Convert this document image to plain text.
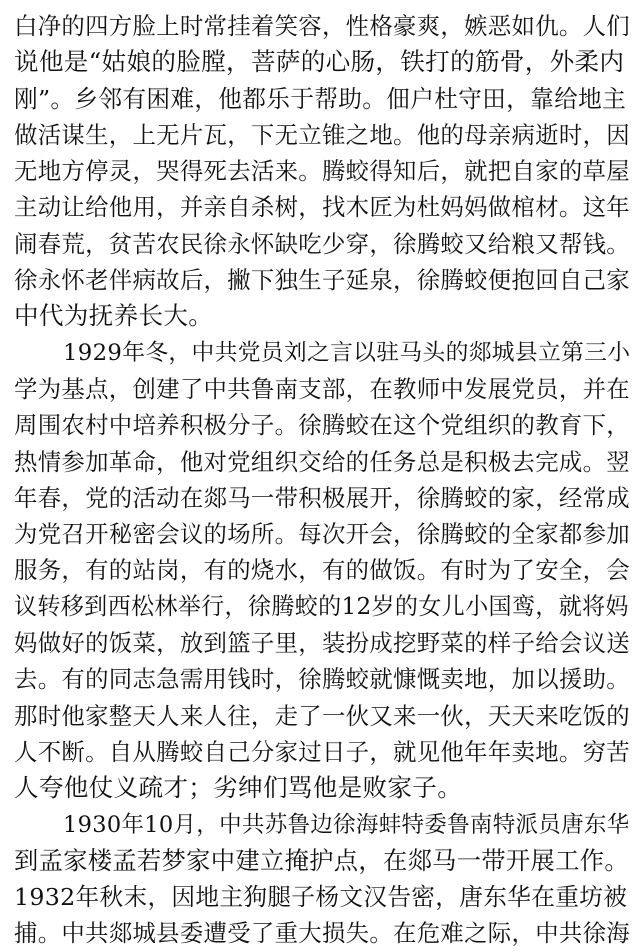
白净的四方脸上时常挂着笑容，性格豪爽，嫉恶如仇。人们
说他是“姑娘的脸膛，菩萨的心肠，铁打的筋骨，外柔内
刚”。乡邻有困难，他都乐于帮助。佃户杜守田，靠给地主
做活谋生，上无片瓦，下无立锥之地。他的母亲病逝时，因
无地方停灵，哭得死去活来。腾蛟得知后，就把自家的草屋
主动让给他用，并亲自杀树，找木匠为杜妈妈做棺材。这年
闹春荒，贫苦农民徐永怀缺吃少穿，徐腾蛟又给粮又帮钱。
徐永怀老伴病故后，撇下独生子延泉，徐腾蛟便抱回自己家
中代为抚养长大。
1929年冬，中共党员刘之言以驻马头的郯城县立第三小
学为基点，创建了中共鲁南支部，在教师中发展党员，并在
周围农村中培养积极分子。徐腾蛟在这个党组织的教育下，
热情参加革命，他对党组织交给的任务总是积极去完成。翌
年春，党的活动在郯马一带积极展开，徐腾蛟的家，经常成
为党召开秘密会议的场所。每次开会，徐腾蛟的全家都参加
服务，有的站岗，有的烧水，有的做饭。有时为了安全，会
议转移到西松林举行，徐腾蛟的12岁的女儿小国鸾，就将妈
妈做好的饭菜，放到篮子里，装扮成挖野菜的样子给会议送
去。有的同志急需用钱时，徐腾蛟就慷慨卖地，加以援助。
那时他家整天人来人往，走了一伙又来一伙，天天来吃饭的
人不断。自从腾蛟自己分家过日子，就见他年年卖地。穷苦
人夸他仗义疏才；劣绅们骂他是败家子。
1930年10月，中共苏鲁边徐海蚌特委鲁南特派员唐东华
到孟家楼孟若梦家中建立掩护点，在郯马一带开展工作。
1932年秋末，因地主狗腿子杨文汉告密，唐东华在重坊被
捕。中共郯城县委遭受了重大损失。在危难之际，中共徐海
